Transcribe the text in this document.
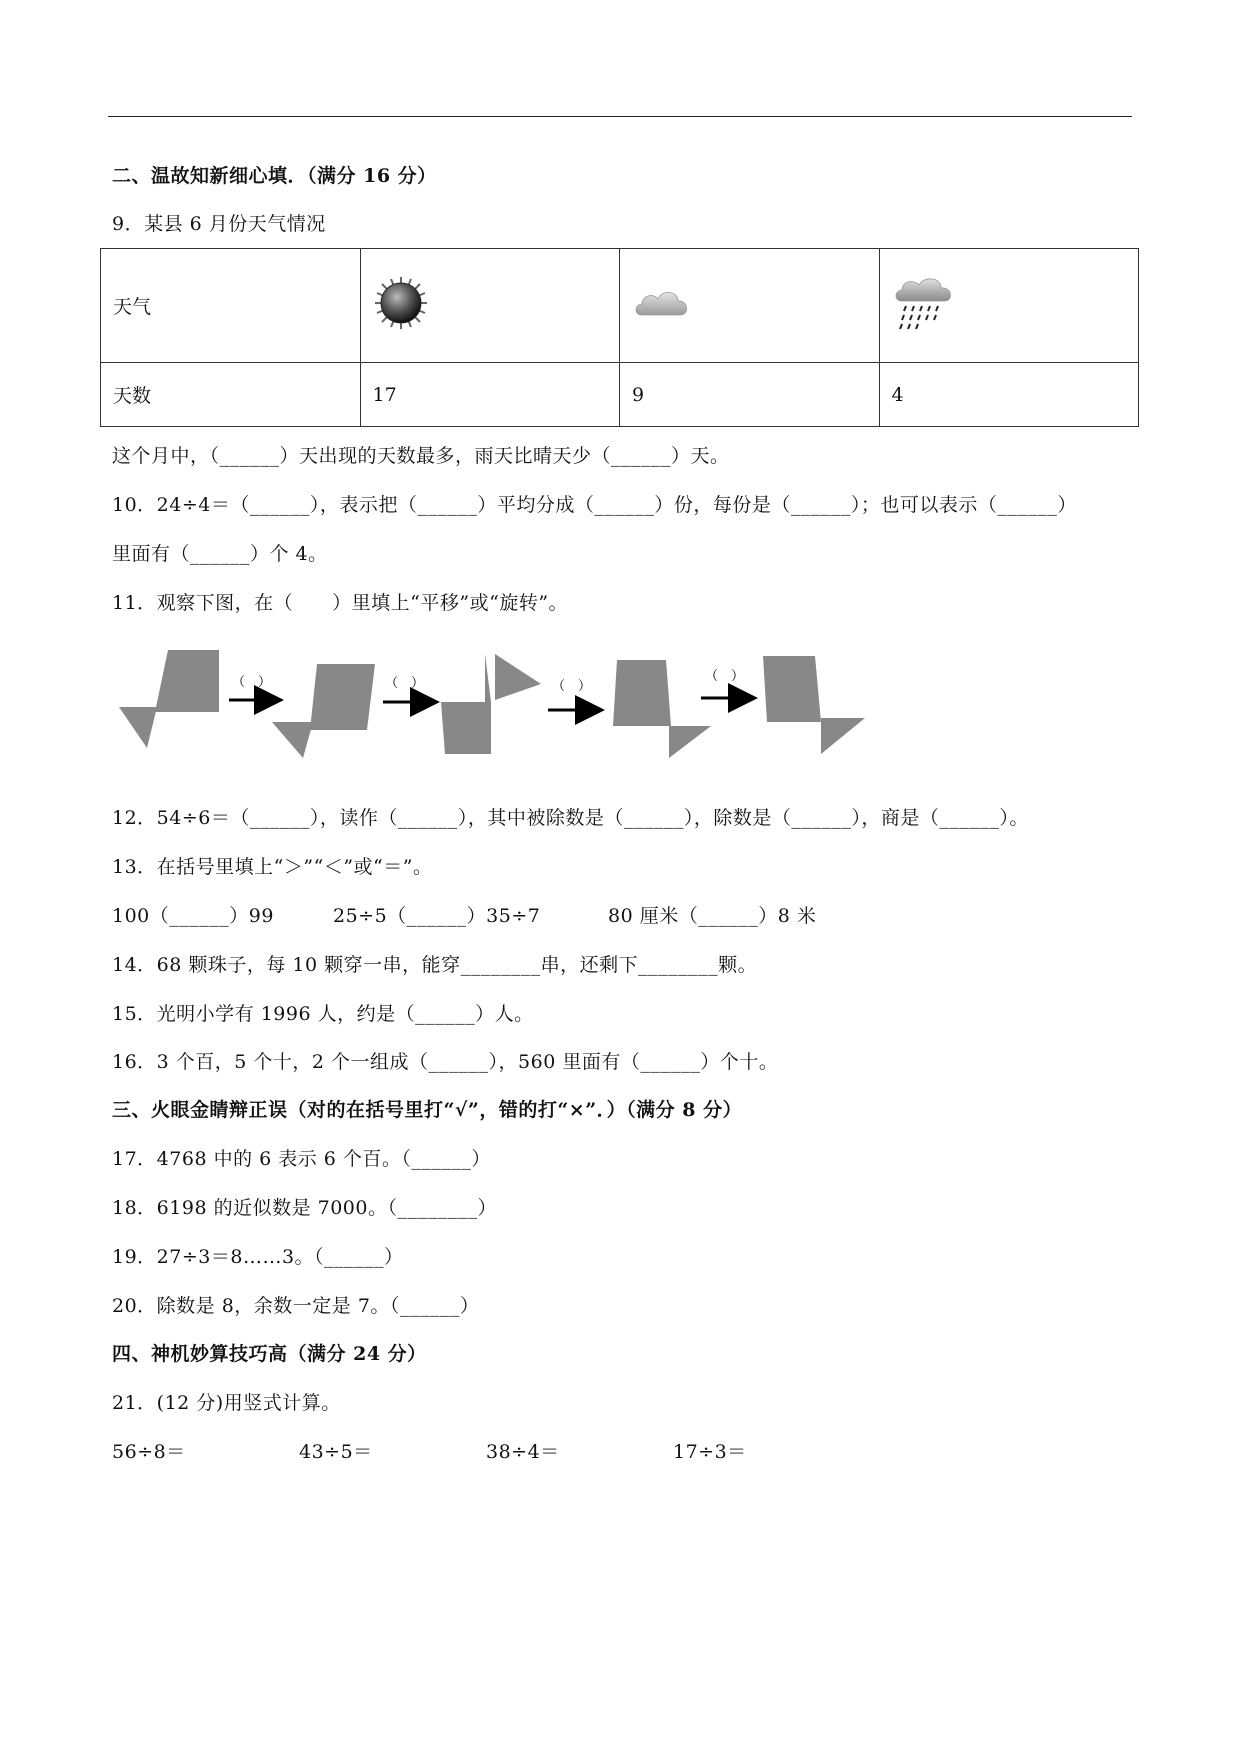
二、温故知新细心填．（满分 16 分）
9．某县 6 月份天气情况
天气			
天数	17	9	4
这个月中，（______）天出现的天数最多，雨天比晴天少（______）天。
10．24÷4＝（______），表示把（______）平均分成（______）份，每份是（______）；也可以表示（______）
里面有（______）个 4。
11．观察下图，在（　　）里填上“平移”或“旋转”。
（　）	（　）	（　）
（　）
12．54÷6＝（______），读作（______），其中被除数是（______），除数是（______），商是（______）。
13．在括号里填上“＞”“＜”或“＝”。
100（______）99	25÷5（______）35÷7	80 厘米（______）8 米
14．68 颗珠子，每 10 颗穿一串，能穿________串，还剩下________颗。
15．光明小学有 1996 人，约是（______）人。
16．3 个百，5 个十，2 个一组成（______），560 里面有（______）个十。
三、火眼金睛辩正误（对的在括号里打“√”，错的打“×”．）（满分 8 分）
17．4768 中的 6 表示 6 个百。（______）
18．6198 的近似数是 7000。（________）
19．27÷3＝8……3。（______）
20．除数是 8，余数一定是 7。（______）
四、神机妙算技巧高（满分 24 分）
21．(12 分)用竖式计算。
56÷8＝	43÷5＝	38÷4＝	17÷3＝
